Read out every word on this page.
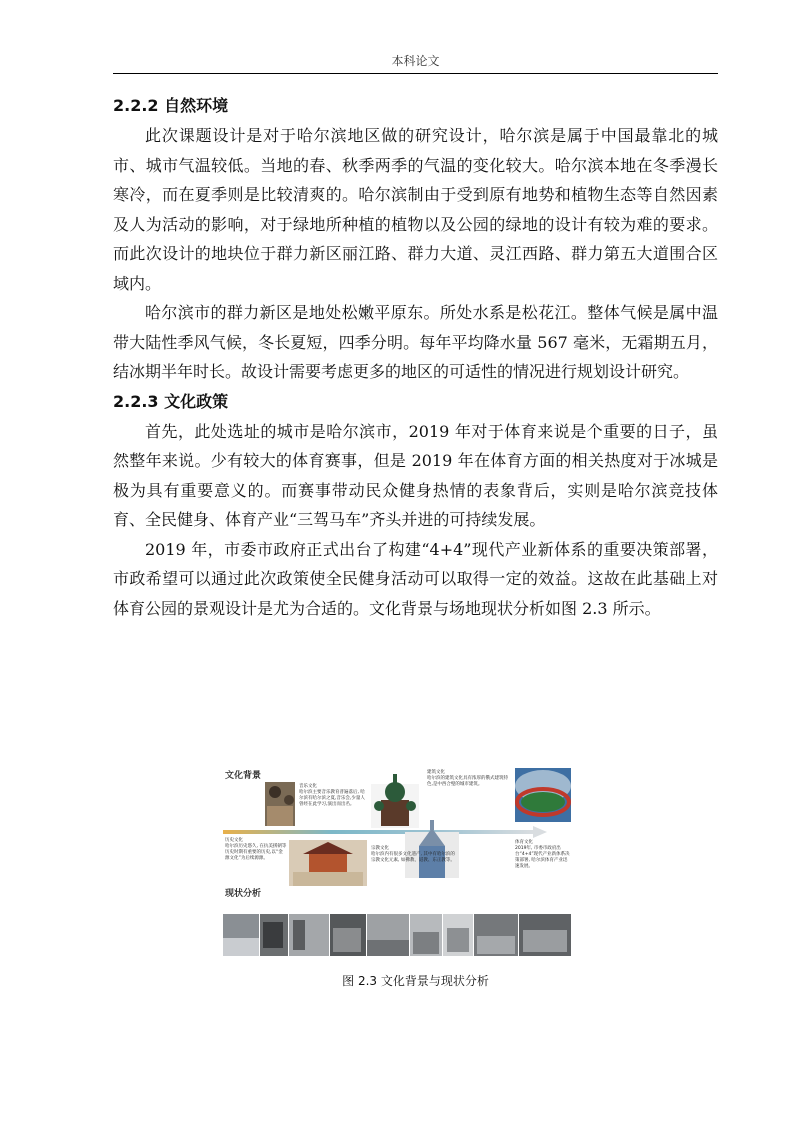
本科论文
2.2.2 自然环境

此次课题设计是对于哈尔滨地区做的研究设计，哈尔滨是属于中国最靠北的城市、城市气温较低。当地的春、秋季两季的气温的变化较大。哈尔滨本地在冬季漫长寒冷，而在夏季则是比较清爽的。哈尔滨制由于受到原有地势和植物生态等自然因素及人为活动的影响，对于绿地所种植的植物以及公园的绿地的设计有较为难的要求。而此次设计的地块位于群力新区丽江路、群力大道、灵江西路、群力第五大道围合区域内。

哈尔滨市的群力新区是地处松嫩平原东。所处水系是松花江。整体气候是属中温带大陆性季风气候，冬长夏短，四季分明。每年平均降水量 567 毫米，无霜期五月，结冰期半年时长。故设计需要考虑更多的地区的可适性的情况进行规划设计研究。

2.2.3 文化政策

首先，此处选址的城市是哈尔滨市，2019 年对于体育来说是个重要的日子，虽然整年来说。少有较大的体育赛事，但是 2019 年在体育方面的相关热度对于冰城是极为具有重要意义的。而赛事带动民众健身热情的表象背后，实则是哈尔滨竞技体育、全民健身、体育产业“三驾马车”齐头并进的可持续发展。

2019 年，市委市政府正式出台了构建“4+4”现代产业新体系的重要决策部署，市政希望可以通过此次政策使全民健身活动可以取得一定的效益。这故在此基础上对体育公园的景观设计是尤为合适的。文化背景与场地现状分析如图 2.3 所示。

文化背景
现状分析
音乐文化
哈尔滨主要音乐教育普遍落后, 哈尔滨有哈尔滨之夏,音乐会,少量人曾经在此学习,演出而出名。
建筑文化
哈尔滨的建筑文化具有浓厚的俄式建筑特色,是中西合璧的城市建筑。
历史文化
哈尔滨历史悠久, 在抗美援朝等历史时期有重要的历史,以“金源文化”为后续源源。
宗教文化
哈尔滨内有很多文化遗产, 其中有哈尔滨的宗教文化元素, 如佛教、道教、东正教等。
体育文化
2019年, 市委市政府出台“4+4”现代产业新体系决策部署, 哈尔滨体育产业迅速发展。
图 2.3 文化背景与现状分析
